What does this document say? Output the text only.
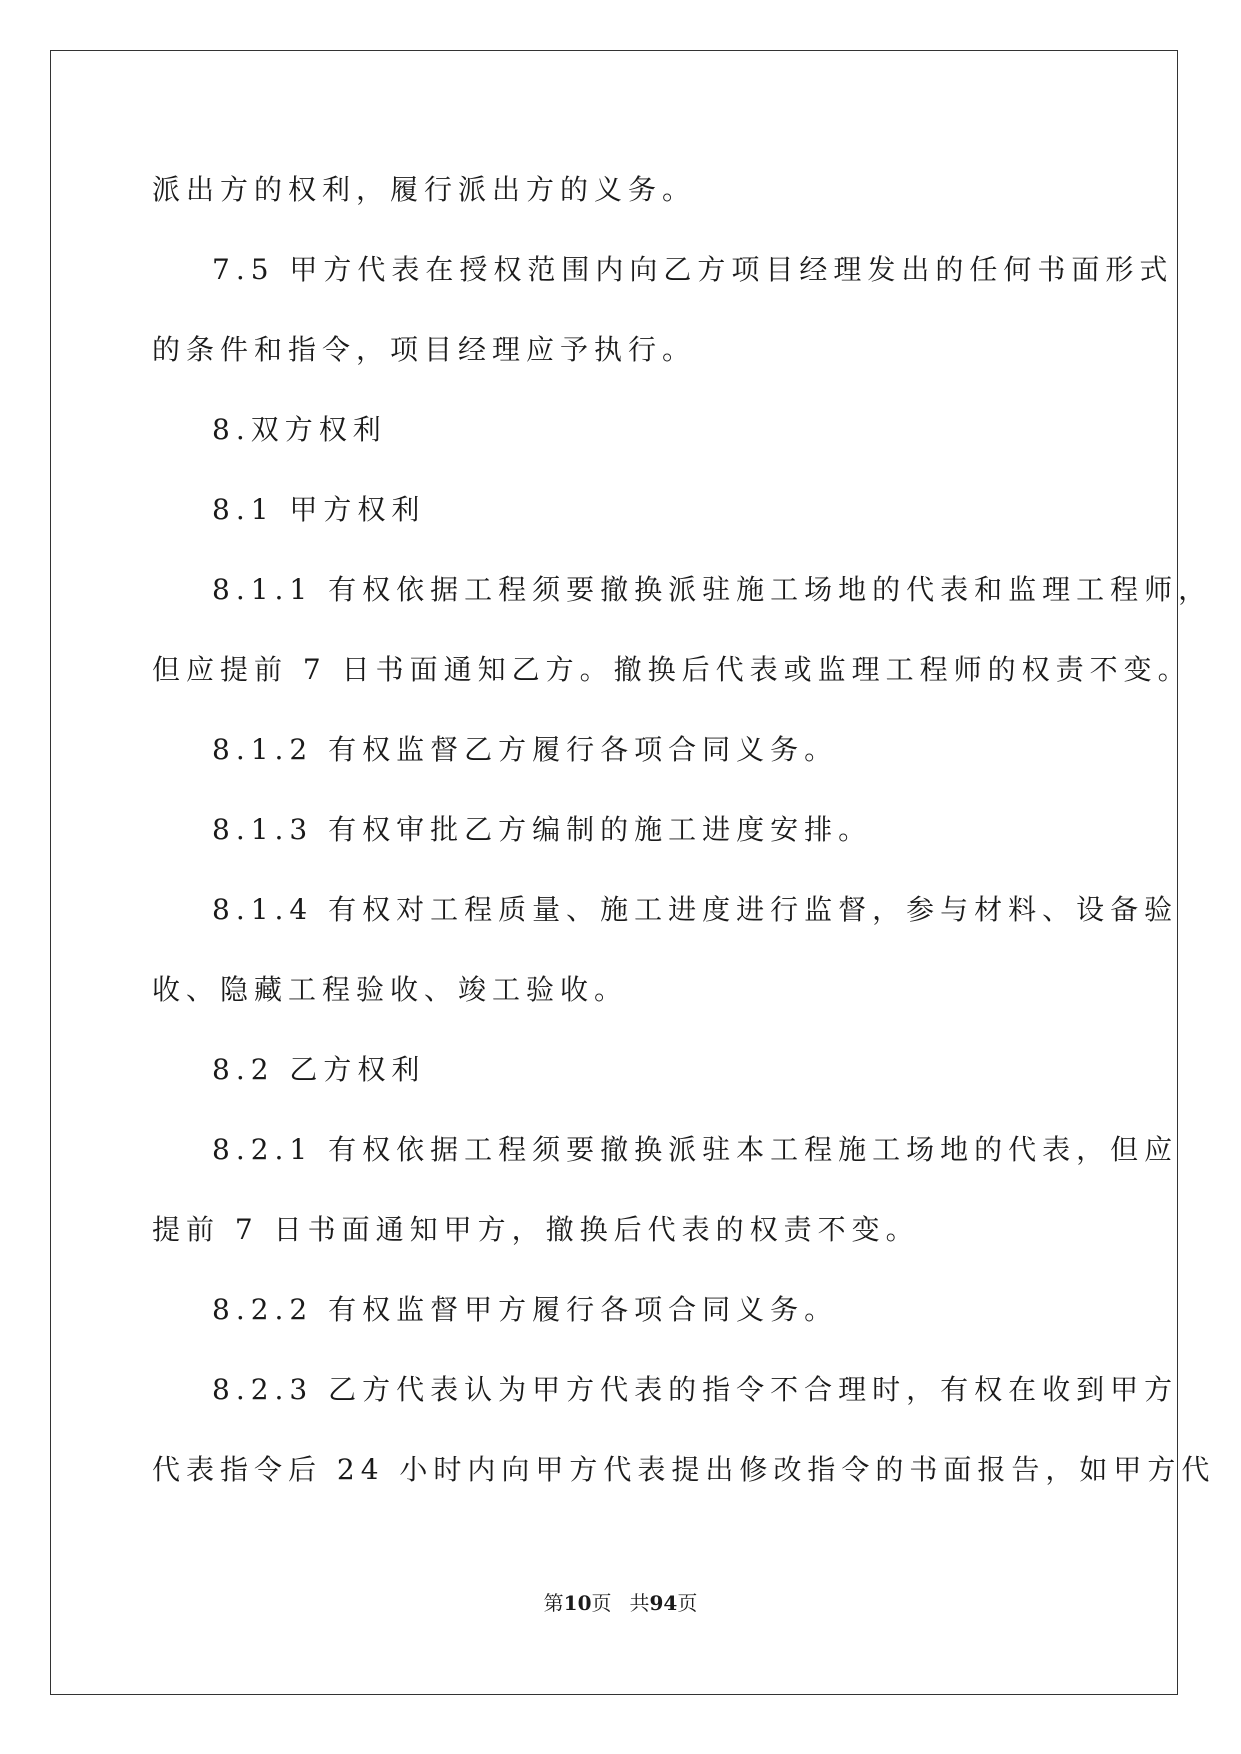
派出方的权利，履行派出方的义务。

7.5 甲方代表在授权范围内向乙方项目经理发出的任何书面形式

的条件和指令，项目经理应予执行。

8.双方权利

8.1 甲方权利

8.1.1 有权依据工程须要撤换派驻施工场地的代表和监理工程师，

但应提前 7 日书面通知乙方。撤换后代表或监理工程师的权责不变。

8.1.2 有权监督乙方履行各项合同义务。

8.1.3 有权审批乙方编制的施工进度安排。

8.1.4 有权对工程质量、施工进度进行监督，参与材料、设备验

收、隐藏工程验收、竣工验收。

8.2 乙方权利

8.2.1 有权依据工程须要撤换派驻本工程施工场地的代表，但应

提前 7 日书面通知甲方，撤换后代表的权责不变。

8.2.2 有权监督甲方履行各项合同义务。

8.2.3 乙方代表认为甲方代表的指令不合理时，有权在收到甲方

代表指令后 24 小时内向甲方代表提出修改指令的书面报告，如甲方代

第10页 共94页
